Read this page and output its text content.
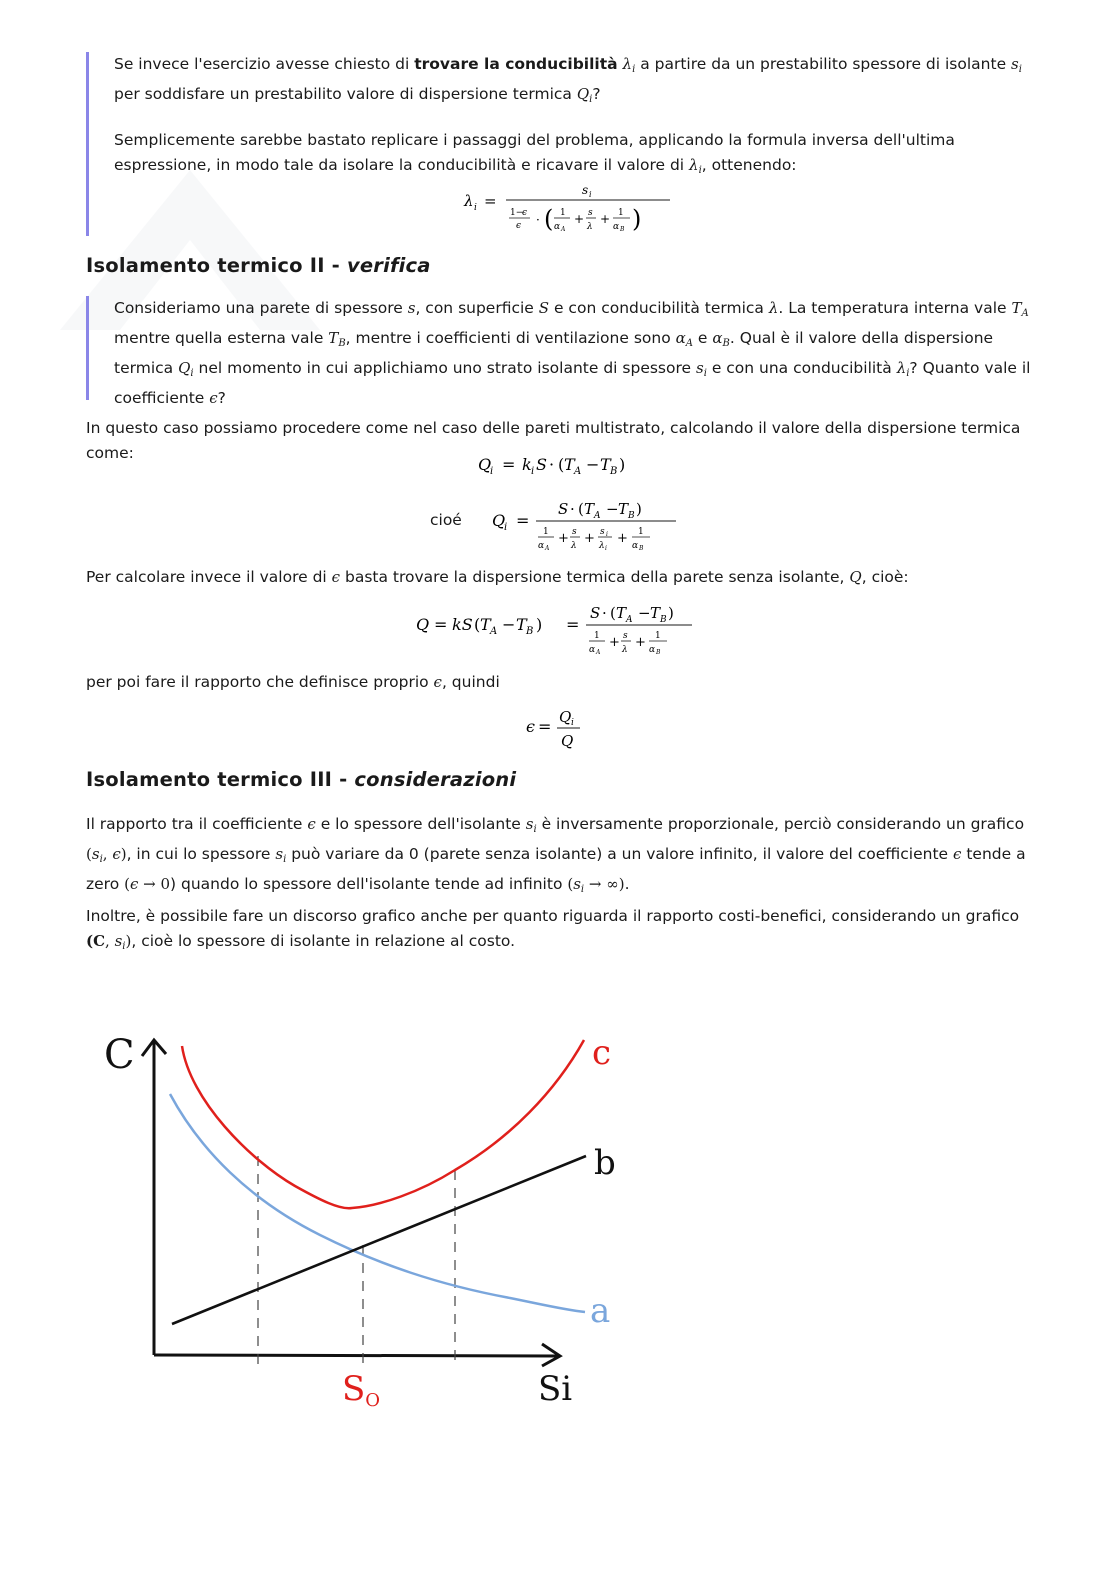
Se invece l'esercizio avesse chiesto di trovare la conducibilità $\lambda_i$ a partire da un prestabilito spessore di isolante $s_i$ per soddisfare un prestabilito valore di dispersione termica $Q_i$?

Semplicemente sarebbe bastato replicare i passaggi del problema, applicando la formula inversa dell'ultima espressione, in modo tale da isolare la conducibilità e ricavare il valore di $\lambda_i$, ottenendo:

λ i =
s i
1−
ϵ
ϵ · ( 1
α A
+ s
λ
+ 1
α B )
Isolamento termico II - verifica

Consideriamo una parete di spessore s, con superficie S e con conducibilità termica λ. La temperatura interna vale $T_A$ mentre quella esterna vale $T_B$, mentre i coefficienti di ventilazione sono $\alpha_A$ e $\alpha_B$. Qual è il valore della dispersione termica $Q_i$ nel momento in cui applichiamo uno strato isolante di spessore $s_i$ e con una conducibilità $\lambda_i$? Quanto vale il coefficiente ϵ?

In questo caso possiamo procedere come nel caso delle pareti multistrato, calcolando il valore della dispersione termica come:

Q
i = k i S · ( T A − T B )
cioé Q
i =
S · ( T A − T B )
1
α A
+ s
λ + s i
λ i
+ 1
α B

Per calcolare invece il valore di ϵ basta trovare la dispersione termica della parete senza isolante, Q, cioè:

Q = kS ( T A − T B ) =
S · ( T A − T B )
1
α A
+ s
λ + 1
α B

per poi fare il rapporto che definisce proprio ϵ, quindi

ϵ = Q i
Q
Isolamento termico III - considerazioni

Il rapporto tra il coefficiente ϵ e lo spessore dell'isolante $s_i$ è inversamente proporzionale, perciò considerando un grafico ($s_i$, ϵ), in cui lo spessore $s_i$ può variare da 0 (parete senza isolante) a un valore infinito, il valore del coefficiente ϵ tende a zero (ϵ → 0) quando lo spessore dell'isolante tende ad infinito ($s_i$ → ∞).

Inoltre, è possibile fare un discorso grafico anche per quanto riguarda il rapporto costi-benefici, considerando un grafico (C, $s_i$), cioè lo spessore di isolante in relazione al costo.

C	c
b
a
SO	Si
